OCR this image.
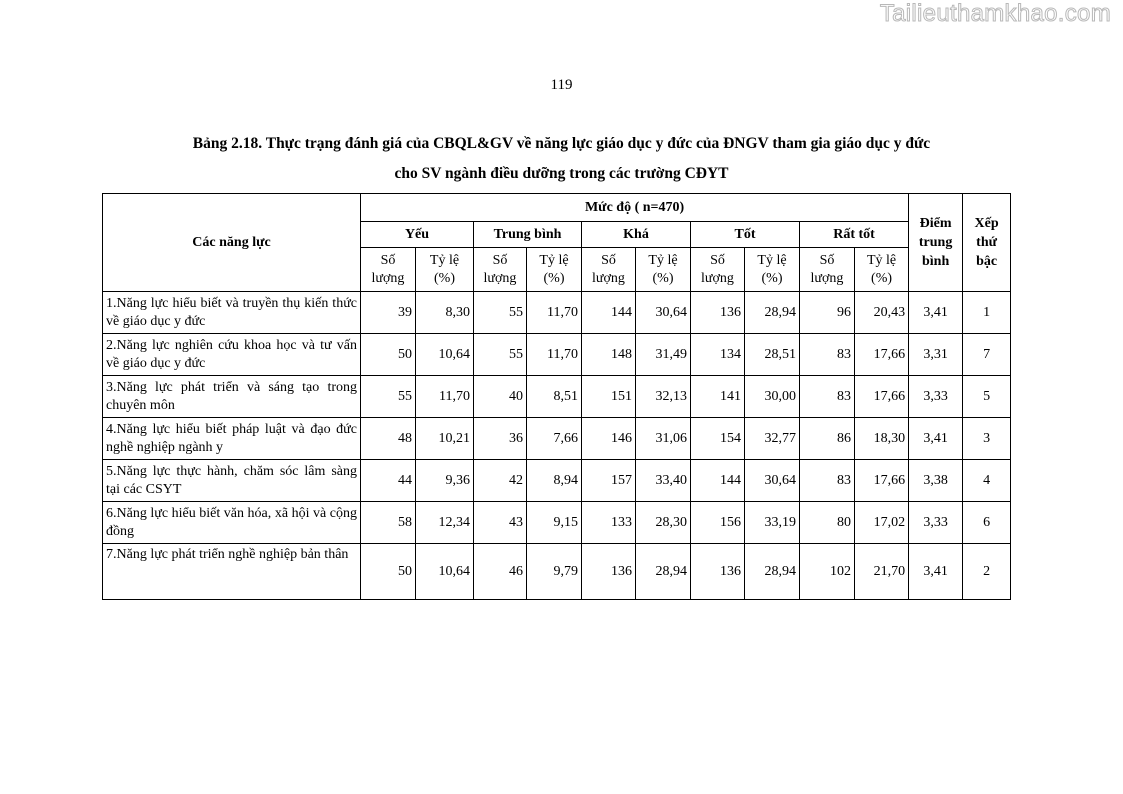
Tailieuthamkhao.com
119
Bảng 2.18. Thực trạng đánh giá của CBQL&GV về năng lực giáo dục y đức của ĐNGV tham gia giáo dục y đức
cho SV ngành điều dưỡng trong các trường CĐYT
Các năng lực	Mức độ ( n=470)										Điểm trung bình	Xếp thứ bậc
	Yếu		Trung bình		Khá		Tốt		Rất tốt			
	Số lượng	Tỷ lệ (%)	Số lượng	Tỷ lệ (%)	Số lượng	Tỷ lệ (%)	Số lượng	Tỷ lệ (%)	Số lượng	Tỷ lệ (%)		
1.Năng lực hiểu biết và truyền thụ kiến thức về giáo dục y đức	39	8,30	55	11,70	144	30,64	136	28,94	96	20,43	3,41	1
2.Năng lực nghiên cứu khoa học và tư vấn về giáo dục y đức	50	10,64	55	11,70	148	31,49	134	28,51	83	17,66	3,31	7
3.Năng lực phát triển và sáng tạo trong chuyên môn	55	11,70	40	8,51	151	32,13	141	30,00	83	17,66	3,33	5
4.Năng lực hiểu biết pháp luật và đạo đức nghề nghiệp ngành y	48	10,21	36	7,66	146	31,06	154	32,77	86	18,30	3,41	3
5.Năng lực thực hành, chăm sóc lâm sàng tại các CSYT	44	9,36	42	8,94	157	33,40	144	30,64	83	17,66	3,38	4
6.Năng lực hiểu biết văn hóa, xã hội và cộng đồng	58	12,34	43	9,15	133	28,30	156	33,19	80	17,02	3,33	6
7.Năng lực phát triển nghề nghiệp bản thân	50	10,64	46	9,79	136	28,94	136	28,94	102	21,70	3,41	2
